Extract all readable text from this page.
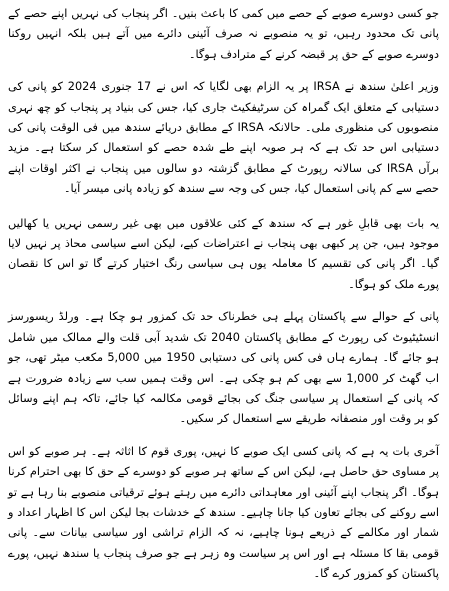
جو کسی دوسرے صوبے کے حصے میں کمی کا باعث بنیں۔ اگر پنجاب کی نہریں اپنے حصے کے پانی تک محدود رہیں، تو یہ منصوبے نہ صرف آئینی دائرے میں آتے ہیں بلکہ انہیں روکنا دوسرے صوبے کے حق پر قبضہ کرنے کے مترادف ہوگا۔

وزیر اعلیٰ سندھ نے IRSA پر یہ الزام بھی لگایا کہ اس نے 17 جنوری 2024 کو پانی کی دستیابی کے متعلق ایک گمراہ کن سرٹیفکیٹ جاری کیا، جس کی بنیاد پر پنجاب کو چھ نہری منصوبوں کی منظوری ملی۔ حالانکہ IRSA کے مطابق دریائے سندھ میں فی الوقت پانی کی دستیابی اس حد تک ہے کہ ہر صوبہ اپنے طے شدہ حصے کو استعمال کر سکتا ہے۔ مزید برآں IRSA کی سالانہ رپورٹ کے مطابق گزشتہ دو سالوں میں پنجاب نے اکثر اوقات اپنے حصے سے کم پانی استعمال کیا، جس کی وجہ سے سندھ کو زیادہ پانی میسر آیا۔

یہ بات بھی قابلِ غور ہے کہ سندھ کے کئی علاقوں میں بھی غیر رسمی نہریں یا کھالیں موجود ہیں، جن پر کبھی بھی پنجاب نے اعتراضات کیے، لیکن اسے سیاسی محاذ پر نہیں لایا گیا۔ اگر پانی کی تقسیم کا معاملہ یوں ہی سیاسی رنگ اختیار کرتے گا تو اس کا نقصان پورے ملک کو ہوگا۔

پانی کے حوالے سے پاکستان پہلے ہی خطرناک حد تک کمزور ہو چکا ہے۔ ورلڈ ریسورسز انسٹیٹیوٹ کی رپورٹ کے مطابق پاکستان 2040 تک شدید آبی قلت والے ممالک میں شامل ہو جائے گا۔ ہمارے ہاں فی کس پانی کی دستیابی 1950 میں 5,000 مکعب میٹر تھی، جو اب گھٹ کر 1,000 سے بھی کم ہو چکی ہے۔ اس وقت ہمیں سب سے زیادہ ضرورت ہے کہ پانی کے استعمال پر سیاسی جنگ کی بجائے قومی مکالمہ کیا جائے، تاکہ ہم اپنے وسائل کو بر وقت اور منصفانہ طریقے سے استعمال کر سکیں۔

آخری بات یہ ہے کہ پانی کسی ایک صوبے کا نہیں، پوری قوم کا اثاثہ ہے۔ ہر صوبے کو اس پر مساوی حق حاصل ہے، لیکن اس کے ساتھ ہر صوبے کو دوسرے کے حق کا بھی احترام کرنا ہوگا۔ اگر پنجاب اپنے آئینی اور معاہداتی دائرے میں رہتے ہوئے ترقیاتی منصوبے بنا رہا ہے تو اسے روکنے کی بجائے تعاون کیا جانا چاہیے۔ سندھ کے خدشات بجا لیکن اس کا اظہار اعداد و شمار اور مکالمے کے ذریعے ہونا چاہیے، نہ کہ الزام تراشی اور سیاسی بیانات سے۔ پانی قومی بقا کا مسئلہ ہے اور اس پر سیاست وہ زہر ہے جو صرف پنجاب یا سندھ نہیں، پورے پاکستان کو کمزور کرے گا۔
